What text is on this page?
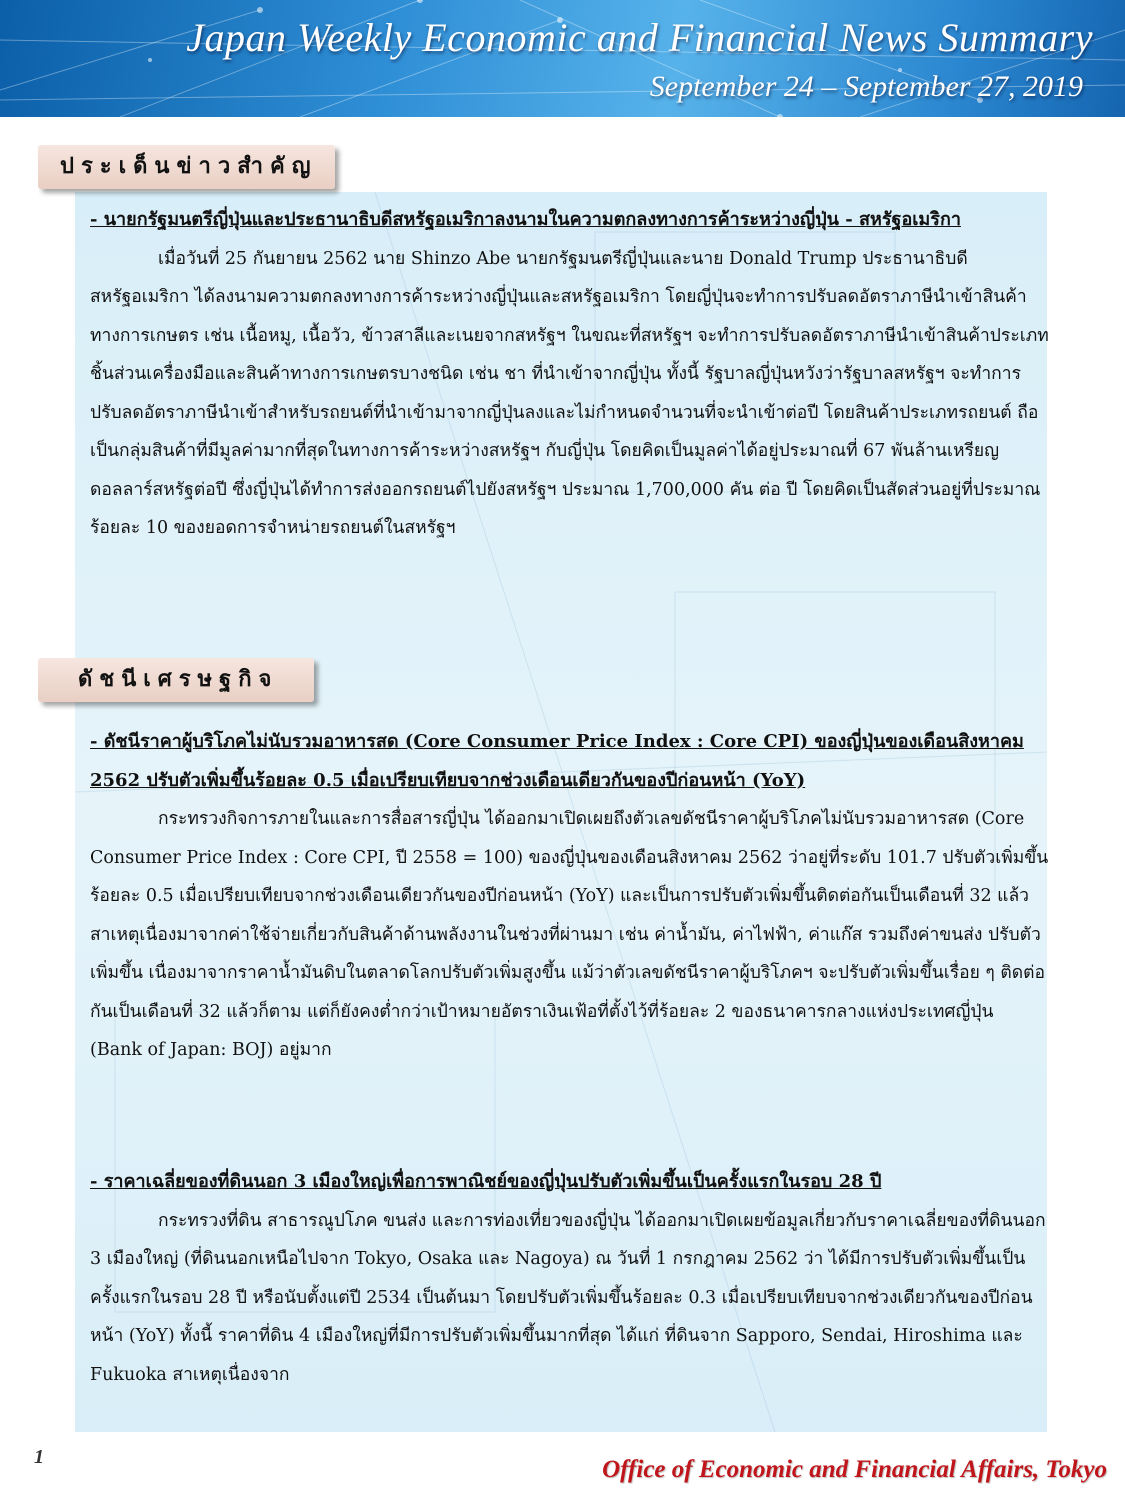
Japan Weekly Economic and Financial News Summary
September 24 – September 27, 2019
ประเด็นข่าวสำคัญ

- นายกรัฐมนตรีญี่ปุ่นและประธานาธิบดีสหรัฐอเมริกาลงนามในความตกลงทางการค้าระหว่างญี่ปุ่น - สหรัฐอเมริกา

เมื่อวันที่ 25 กันยายน 2562 นาย Shinzo Abe นายกรัฐมนตรีญี่ปุ่นและนาย Donald Trump ประธานาธิบดีสหรัฐอเมริกา ได้ลงนามความตกลงทางการค้าระหว่างญี่ปุ่นและสหรัฐอเมริกา โดยญี่ปุ่นจะทำการปรับลดอัตราภาษีนำเข้าสินค้าทางการเกษตร เช่น เนื้อหมู, เนื้อวัว, ข้าวสาลีและเนยจากสหรัฐฯ ในขณะที่สหรัฐฯ จะทำการปรับลดอัตราภาษีนำเข้าสินค้าประเภทชิ้นส่วนเครื่องมือและสินค้าทางการเกษตรบางชนิด เช่น ชา ที่นำเข้าจากญี่ปุ่น ทั้งนี้ รัฐบาลญี่ปุ่นหวังว่ารัฐบาลสหรัฐฯ จะทำการปรับลดอัตราภาษีนำเข้าสำหรับรถยนต์ที่นำเข้ามาจากญี่ปุ่นลงและไม่กำหนดจำนวนที่จะนำเข้าต่อปี โดยสินค้าประเภทรถยนต์ ถือเป็นกลุ่มสินค้าที่มีมูลค่ามากที่สุดในทางการค้าระหว่างสหรัฐฯ กับญี่ปุ่น โดยคิดเป็นมูลค่าได้อยู่ประมาณที่ 67 พันล้านเหรียญดอลลาร์สหรัฐต่อปี ซึ่งญี่ปุ่นได้ทำการส่งออกรถยนต์ไปยังสหรัฐฯ ประมาณ 1,700,000 คัน ต่อ ปี โดยคิดเป็นสัดส่วนอยู่ที่ประมาณร้อยละ 10 ของยอดการจำหน่ายรถยนต์ในสหรัฐฯ

ดัชนีเศรษฐกิจ

- ดัชนีราคาผู้บริโภคไม่นับรวมอาหารสด (Core Consumer Price Index : Core CPI) ของญี่ปุ่นของเดือนสิงหาคม 2562 ปรับตัวเพิ่มขึ้นร้อยละ 0.5 เมื่อเปรียบเทียบจากช่วงเดือนเดียวกันของปีก่อนหน้า (YoY)

กระทรวงกิจการภายในและการสื่อสารญี่ปุ่น ได้ออกมาเปิดเผยถึงตัวเลขดัชนีราคาผู้บริโภคไม่นับรวมอาหารสด (Core Consumer Price Index : Core CPI, ปี 2558 = 100) ของญี่ปุ่นของเดือนสิงหาคม 2562 ว่าอยู่ที่ระดับ 101.7 ปรับตัวเพิ่มขึ้นร้อยละ 0.5 เมื่อเปรียบเทียบจากช่วงเดือนเดียวกันของปีก่อนหน้า (YoY) และเป็นการปรับตัวเพิ่มขึ้นติดต่อกันเป็นเดือนที่ 32 แล้ว สาเหตุเนื่องมาจากค่าใช้จ่ายเกี่ยวกับสินค้าด้านพลังงานในช่วงที่ผ่านมา เช่น ค่าน้ำมัน, ค่าไฟฟ้า, ค่าแก๊ส รวมถึงค่าขนส่ง ปรับตัวเพิ่มขึ้น เนื่องมาจากราคาน้ำมันดิบในตลาดโลกปรับตัวเพิ่มสูงขึ้น แม้ว่าตัวเลขดัชนีราคาผู้บริโภคฯ จะปรับตัวเพิ่มขึ้นเรื่อย ๆ ติดต่อกันเป็นเดือนที่ 32 แล้วก็ตาม แต่ก็ยังคงต่ำกว่าเป้าหมายอัตราเงินเฟ้อที่ตั้งไว้ที่ร้อยละ 2 ของธนาคารกลางแห่งประเทศญี่ปุ่น (Bank of Japan: BOJ) อยู่มาก

- ราคาเฉลี่ยของที่ดินนอก 3 เมืองใหญ่เพื่อการพาณิชย์ของญี่ปุ่นปรับตัวเพิ่มขึ้นเป็นครั้งแรกในรอบ 28 ปี

กระทรวงที่ดิน สาธารณูปโภค ขนส่ง และการท่องเที่ยวของญี่ปุ่น ได้ออกมาเปิดเผยข้อมูลเกี่ยวกับราคาเฉลี่ยของที่ดินนอก 3 เมืองใหญ่ (ที่ดินนอกเหนือไปจาก Tokyo, Osaka และ Nagoya) ณ วันที่ 1 กรกฎาคม 2562 ว่า ได้มีการปรับตัวเพิ่มขึ้นเป็นครั้งแรกในรอบ 28 ปี หรือนับตั้งแต่ปี 2534 เป็นต้นมา โดยปรับตัวเพิ่มขึ้นร้อยละ 0.3 เมื่อเปรียบเทียบจากช่วงเดียวกันของปีก่อนหน้า (YoY) ทั้งนี้ ราคาที่ดิน 4 เมืองใหญ่ที่มีการปรับตัวเพิ่มขึ้นมากที่สุด ได้แก่ ที่ดินจาก Sapporo, Sendai, Hiroshima และ Fukuoka สาเหตุเนื่องจาก

1	Office of Economic and Financial Affairs, Tokyo
